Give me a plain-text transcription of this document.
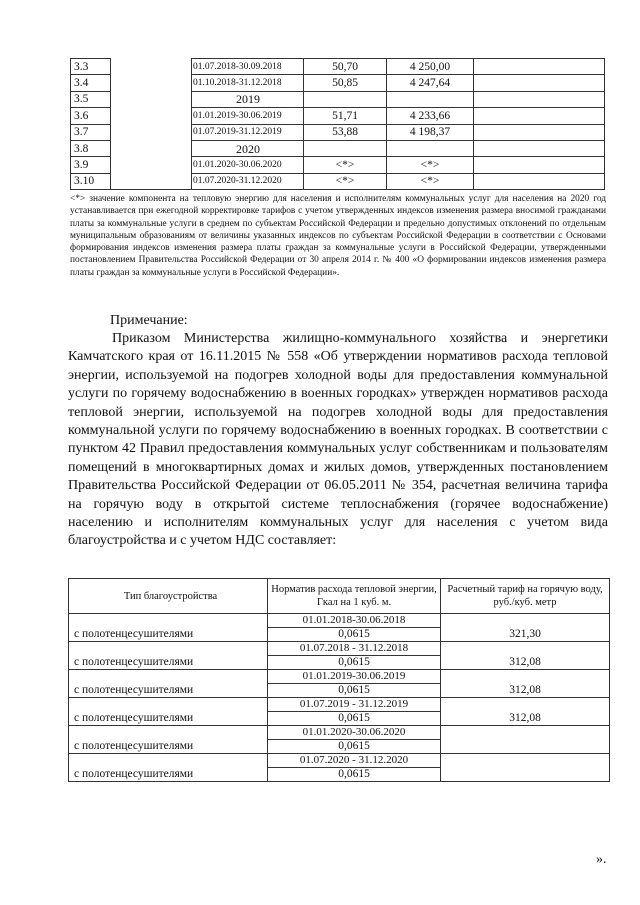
3.3		01.07.2018-30.09.2018	50,70	4 250,00	
3.4		01.10.2018-31.12.2018	50,85	4 247,64	
3.5		2019			
3.6		01.01.2019-30.06.2019	51,71	4 233,66	
3.7		01.07.2019-31.12.2019	53,88	4 198,37	
3.8		2020			
3.9		01.01.2020-30.06.2020	<*>	<*>	
3.10		01.07.2020-31.12.2020	<*>	<*>	
<*> значение компонента на тепловую энергию для населения и исполнителям коммунальных услуг для населения на 2020 год устанавливается при ежегодной корректировке тарифов с учетом утвержденных индексов изменения размера вносимой гражданами платы за коммунальные услуги в среднем по субъектам Российской Федерации и предельно допустимых отклонений по отдельным муниципальным образованиям от величины указанных индексов по субъектам Российской Федерации в соответствии с Основами формирования индексов изменения размера платы граждан за коммунальные услуги в Российской Федерации, утвержденными постановлением Правительства Российской Федерации от 30 апреля 2014 г. № 400 «О формировании индексов изменения размера платы граждан за коммунальные услуги в Российской Федерации».
Примечание:
Приказом Министерства жилищно-коммунального хозяйства и энергетики Камчатского края от 16.11.2015 № 558 «Об утверждении нормативов расхода тепловой энергии, используемой на подогрев холодной воды для предоставления коммунальной услуги по горячему водоснабжению в военных городках» утвержден нормативов расхода тепловой энергии, используемой на подогрев холодной воды для предоставления коммунальной услуги по горячему водоснабжению в военных городках. В соответствии с пунктом 42 Правил предоставления коммунальных услуг собственникам и пользователям помещений в многоквартирных домах и жилых домов, утвержденных постановлением Правительства Российской Федерации от 06.05.2011 № 354, расчетная величина тарифа на горячую воду в открытой системе теплоснабжения (горячее водоснабжение) населению и исполнителям коммунальных услуг для населения с учетом вида благоустройства и с учетом НДС составляет:
Тип благоустройства	Норматив расхода тепловой энергии, Гкал на 1 куб. м.	Расчетный тариф на горячую воду, руб./куб. метр
	01.01.2018-30.06.2018	
с полотенцесушителями	0,0615	321,30
	01.07.2018 - 31.12.2018	
с полотенцесушителями	0,0615	312,08
	01.01.2019-30.06.2019	
с полотенцесушителями	0,0615	312,08
	01.07.2019 - 31.12.2019	
с полотенцесушителями	0,0615	312,08
	01.01.2020-30.06.2020	
с полотенцесушителями	0,0615	
	01.07.2020 - 31.12.2020	
с полотенцесушителями	0,0615	
».
